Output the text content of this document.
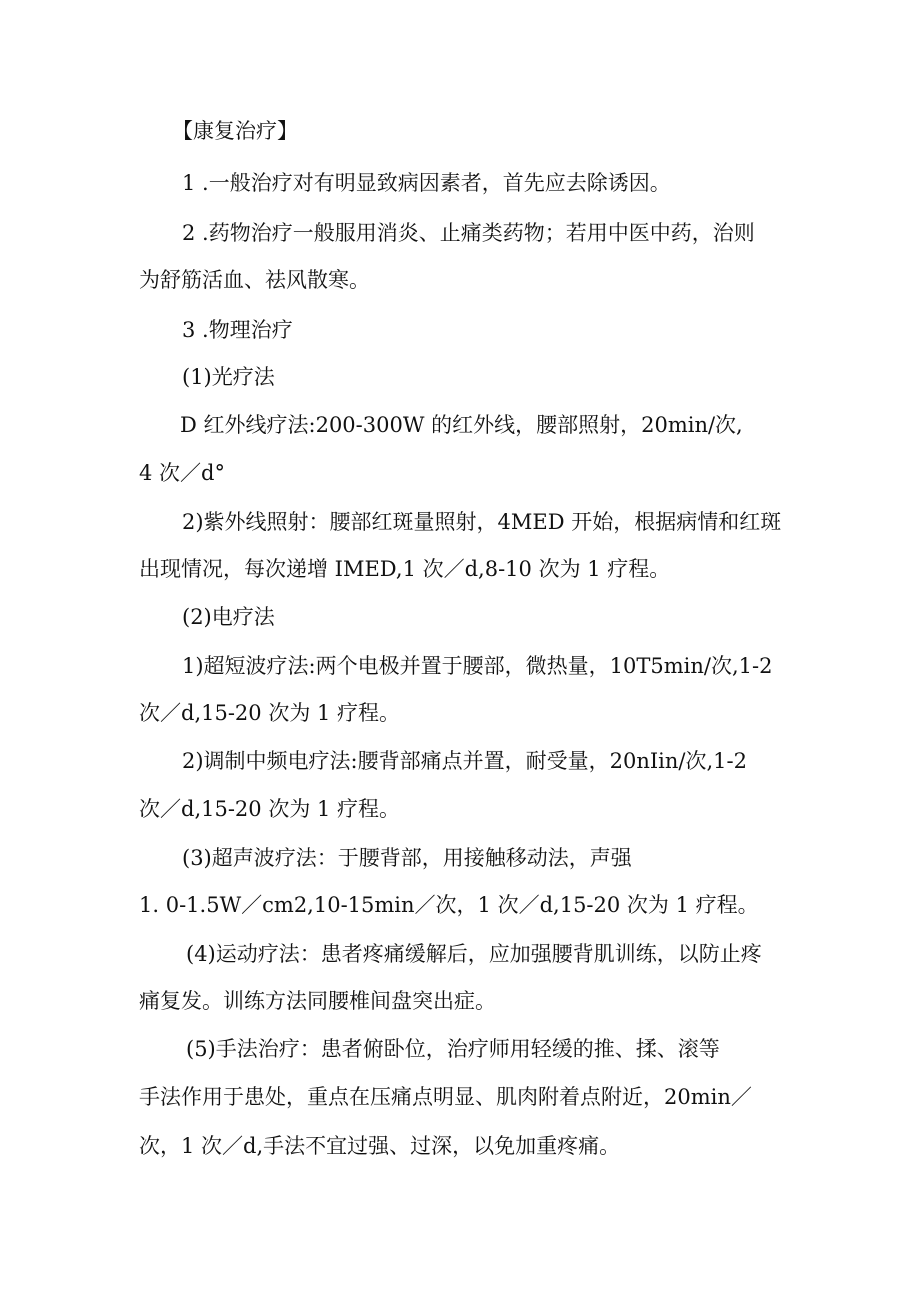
【康复治疗】
1 .一般治疗对有明显致病因素者，首先应去除诱因。
2 .药物治疗一般服用消炎、止痛类药物；若用中医中药，治则
为舒筋活血、祛风散寒。
3 .物理治疗
(1)光疗法
D 红外线疗法:200-300W 的红外线，腰部照射，20min/次,
4 次／d°
2)紫外线照射：腰部红斑量照射，4MED 开始，根据病情和红斑
出现情况，每次递增 IMED,1 次／d,8-10 次为 1 疗程。
(2)电疗法
1)超短波疗法:两个电极并置于腰部，微热量，10T5min/次,1-2
次／d,15-20 次为 1 疗程。
2)调制中频电疗法:腰背部痛点并置，耐受量，20nIin/次,1-2
次／d,15-20 次为 1 疗程。
(3)超声波疗法：于腰背部，用接触移动法，声强
1. 0-1.5W／cm2,10-15min／次，1 次／d,15-20 次为 1 疗程。
(4)运动疗法：患者疼痛缓解后，应加强腰背肌训练，以防止疼
痛复发。训练方法同腰椎间盘突出症。
(5)手法治疗：患者俯卧位，治疗师用轻缓的推、揉、滚等
手法作用于患处，重点在压痛点明显、肌肉附着点附近，20min／
次，1 次／d,手法不宜过强、过深，以免加重疼痛。
